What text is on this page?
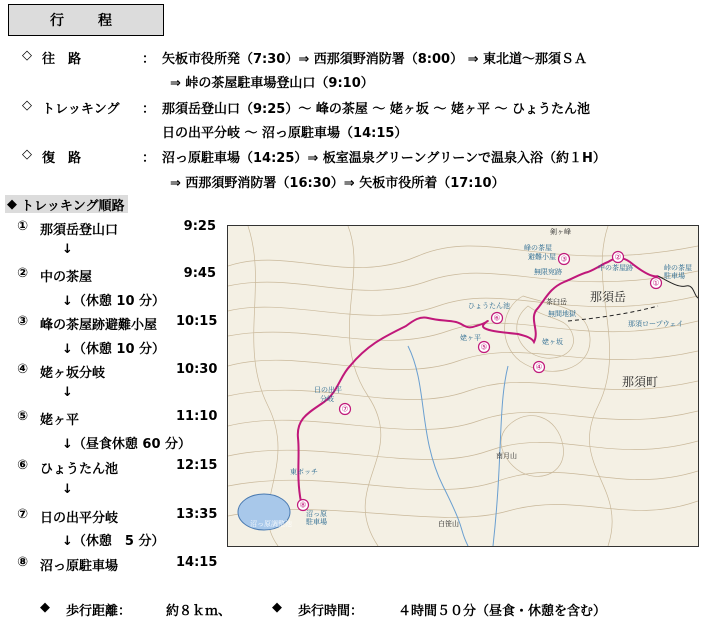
行　程
◇ 往　路	： 矢板市役所発（7:30）⇒ 西那須野消防署（8:00） ⇒ 東北道～那須ＳＡ
⇒ 峠の茶屋駐車場登山口（9:10）
◇ トレッキング ： 那須岳登山口（9:25）～ 峰の茶屋 ～ 姥ヶ坂 ～ 姥ヶ平 ～ ひょうたん池
日の出平分岐 ～ 沼っ原駐車場（14:15）
◇ 復　路	： 沼っ原駐車場（14:25）⇒ 板室温泉グリーングリーンで温泉入浴（約１H）
⇒ 西那須野消防署（16:30）⇒ 矢板市役所着（17:10）
◆ トレッキング順路
① 那須岳登山口	9:25
↓
② 中の茶屋	9:45
↓（休憩 10 分）
③ 峰の茶屋跡避難小屋 10:15
↓（休憩 10 分）
④ 姥ヶ坂分岐	10:30
↓
⑤ 姥ヶ平	11:10
↓（昼食休憩 60 分）
⑥ ひょうたん池	12:15
↓
⑦ 日の出平分岐	13:35
↓（休憩　5 分）
⑧ 沼っ原駐車場	14:15
①
②
③
④
⑤
⑥
⑦
⑧
剣ヶ峰
峰の茶屋
避難小屋
無限宛跡	中の茶屋跡	峠の茶屋
駐車場
茶臼岳
無間地獄
那須ロープウェイ
ひょうたん池
姥ヶ平	姥ヶ坂
日の出平
分岐
東ボッチ
沼っ原
駐車場
沼っ原調整池
南月山
白笹山
那須岳
那須町
◆ 歩行距離：	約８ｋｍ、	◆ 歩行時間：	４時間５０分（昼食・休憩を含む）
